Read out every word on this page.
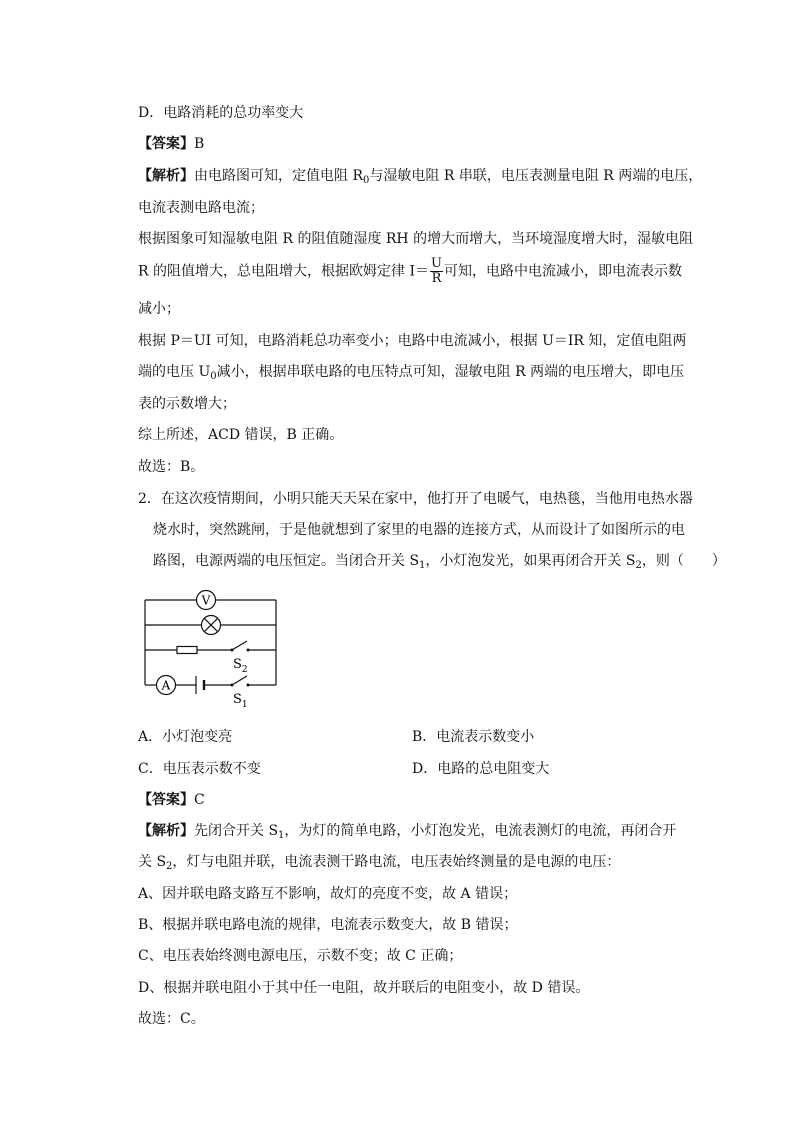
D．电路消耗的总功率变大
【答案】B
【解析】由电路图可知，定值电阻 $R_0$与湿敏电阻 R 串联，电压表测量电阻 R 两端的电压，
电流表测电路电流；
根据图象可知湿敏电阻 R 的阻值随湿度 RH 的增大而增大，当环境湿度增大时，湿敏电阻
R 的阻值增大，总电阻增大，根据欧姆定律 $I= \frac{U}{R}$ 可知，电路中电流减小，即电流表示数
减小；
根据 P＝UI 可知，电路消耗总功率变小；电路中电流减小，根据 U＝IR 知，定值电阻两
端的电压 $U_0$减小，根据串联电路的电压特点可知，湿敏电阻 R 两端的电压增大，即电压
表的示数增大；
综上所述，ACD 错误，B 正确。
故选：B。
2．在这次疫情期间，小明只能天天呆在家中，他打开了电暖气，电热毯，当他用电热水器
烧水时，突然跳闸，于是他就想到了家里的电器的连接方式，从而设计了如图所示的电
路图，电源两端的电压恒定。当闭合开关 $S_1$，小灯泡发光，如果再闭合开关 $S_2$，则（　　）
V
$S_2$
A
$S_1$
A．小灯泡变亮	B．电流表示数变小
C．电压表示数不变	D．电路的总电阻变大
【答案】C
【解析】先闭合开关 $S_1$，为灯的简单电路，小灯泡发光，电流表测灯的电流，再闭合开
关 $S_2$，灯与电阻并联，电流表测干路电流，电压表始终测量的是电源的电压：
A、因并联电路支路互不影响，故灯的亮度不变，故 A 错误；
B、根据并联电路电流的规律，电流表示数变大，故 B 错误；
C、电压表始终测电源电压，示数不变；故 C 正确；
D、根据并联电阻小于其中任一电阻，故并联后的电阻变小，故 D 错误。
故选：C。
